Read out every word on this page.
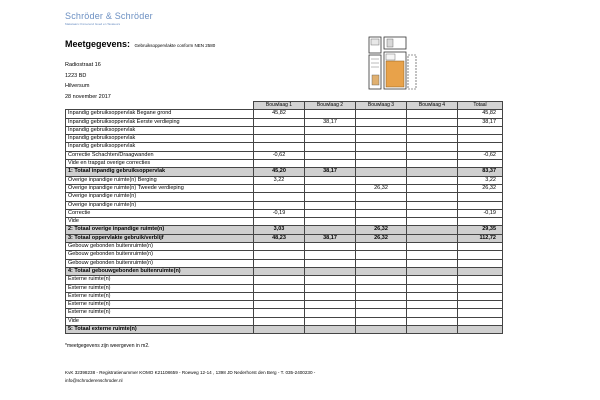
Schröder & Schröder
Makelaars Onroerend Goed en Taxateurs
Meetgegevens: Gebruiksoppervlakte conform NEN 2580
Radiostraat 16
1223 BD
Hilversum
28 november 2017
	Bouwlaag 1	Bouwlaag 2	Bouwlaag 3	Bouwlaag 4	Totaal
Inpandig gebruiksoppervlak Begane grond	45,82				45,82
Inpandig gebruiksoppervlak Eerste verdieping		38,17			38,17
Inpandig gebruiksoppervlak					
Inpandig gebruiksoppervlak					
Inpandig gebruiksoppervlak					
Correctie Schachten/Draagwanden	-0,62				-0,62
Vide en trapgat overige correcties					
1: Totaal inpandig gebruiksoppervlak	45,20	38,17			83,37
Overige inpandige ruimte(n) Berging	3,22				3,22
Overige inpandige ruimte(n) Tweede verdieping			26,32		26,32
Overige inpandige ruimte(n)					
Overige inpandige ruimte(n)					
Correctie	-0,19				-0,19
Vide					
2: Totaal overige inpandige ruimte(n)	3,03		26,32		29,35
3: Totaal oppervlakte gebruik/verblijf	48,23	38,17	26,32		112,72
Gebouw gebonden buitenruimte(n)					
Gebouw gebonden buitenruimte(n)					
Gebouw gebonden buitenruimte(n)					
4: Totaal gebouwgebonden buitenruimte(n)					
Externe ruimte(n)					
Externe ruimte(n)					
Externe ruimte(n)					
Externe ruimte(n)					
Externe ruimte(n)					
Vide					
5: Totaal externe ruimte(n)					
*meetgegevens zijn weergeven in m2.
KvK 32398238 - Registratienummer KOMO K21108659 - Roeweg 12-14 , 1398 JD Nederhorst den Berg - T. 035-2400230 -
info@schroderenschroder.nl
